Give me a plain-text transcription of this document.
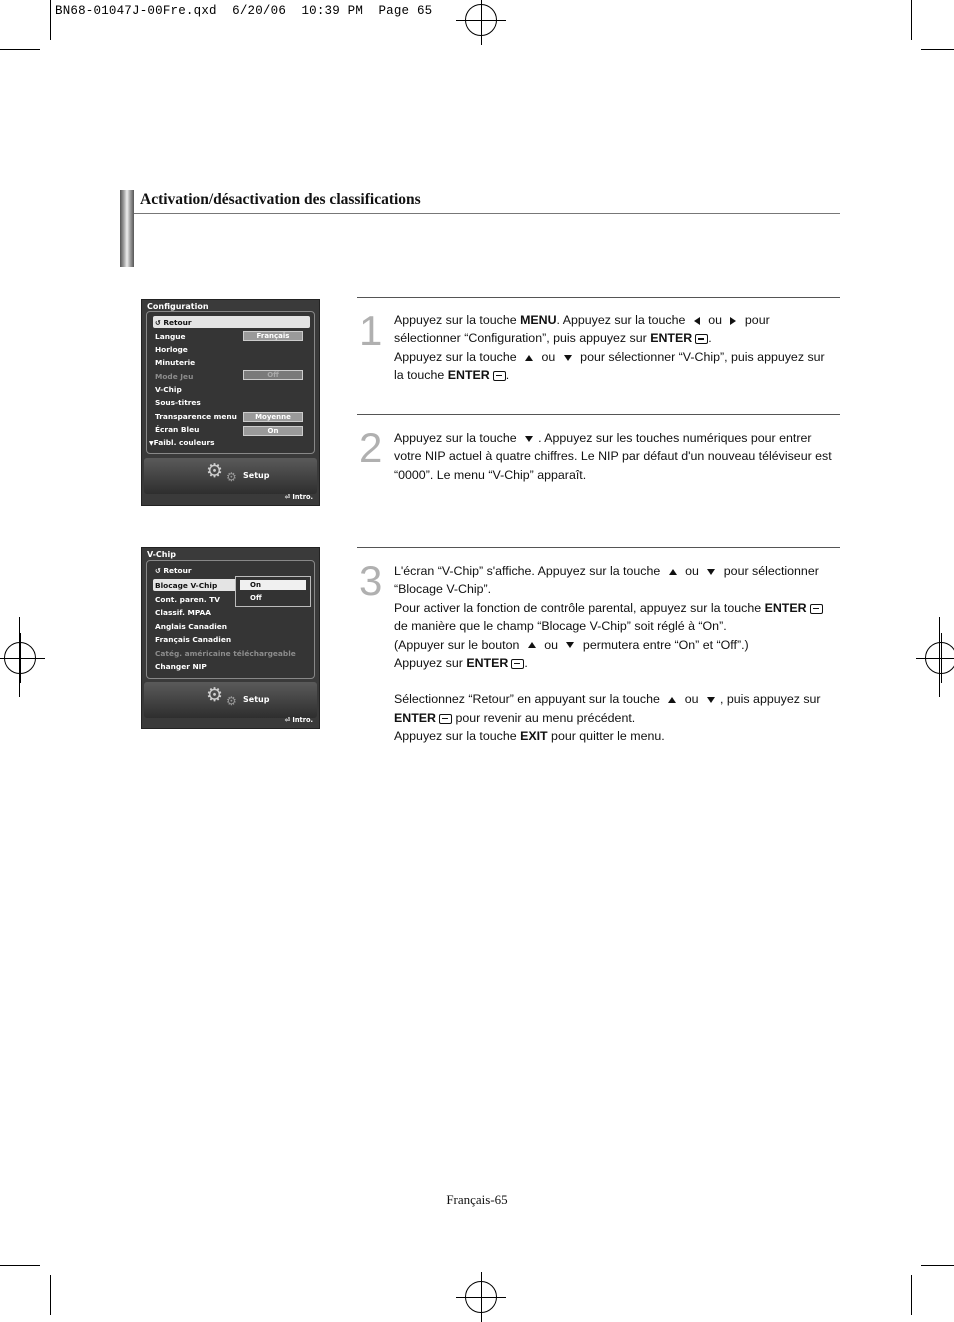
BN68-01047J-00Fre.qxd  6/20/06  10:39 PM  Page 65
Activation/désactivation des classifications
Configuration
↺ Retour
Langue	Français
Horloge
Minuterie
Mode Jeu	Off
V-Chip
Sous-titres
Transparence menu	Moyenne
Écran Bleu	On
▼Faibl. couleurs
⚙ ⚙ Setup
⏎ Intro.
V-Chip
↺ Retour
Blocage V-Chip
Cont. paren. TV
Classif. MPAA
Anglais Canadien
Français Canadien
Catég. américaine téléchargeable
Changer NIP
On
Off
⚙ ⚙ Setup
⏎ Intro.
1 Appuyez sur la touche MENU. Appuyez sur la touche  ou  pour sélectionner “Configuration”, puis appuyez sur ENTER .

Appuyez sur la touche  ou  pour sélectionner “V-Chip”, puis appuyez sur la touche ENTER .

2 Appuyez sur la touche . Appuyez sur les touches numériques pour entrer votre NIP actuel à quatre chiffres. Le NIP par défaut d'un nouveau téléviseur est “0000”. Le menu “V-Chip” apparaît.

3 L'écran “V-Chip” s'affiche. Appuyez sur la touche  ou  pour sélectionner “Blocage V-Chip”.

Pour activer la fonction de contrôle parental, appuyez sur la touche ENTER de manière que le champ “Blocage V-Chip” soit réglé à “On”.

(Appuyer sur le bouton  ou  permutera entre “On” et “Off”.)

Appuyez sur ENTER .

Sélectionnez “Retour” en appuyant sur la touche  ou , puis appuyez sur ENTER pour revenir au menu précédent.

Appuyez sur la touche EXIT pour quitter le menu.

Français-65
